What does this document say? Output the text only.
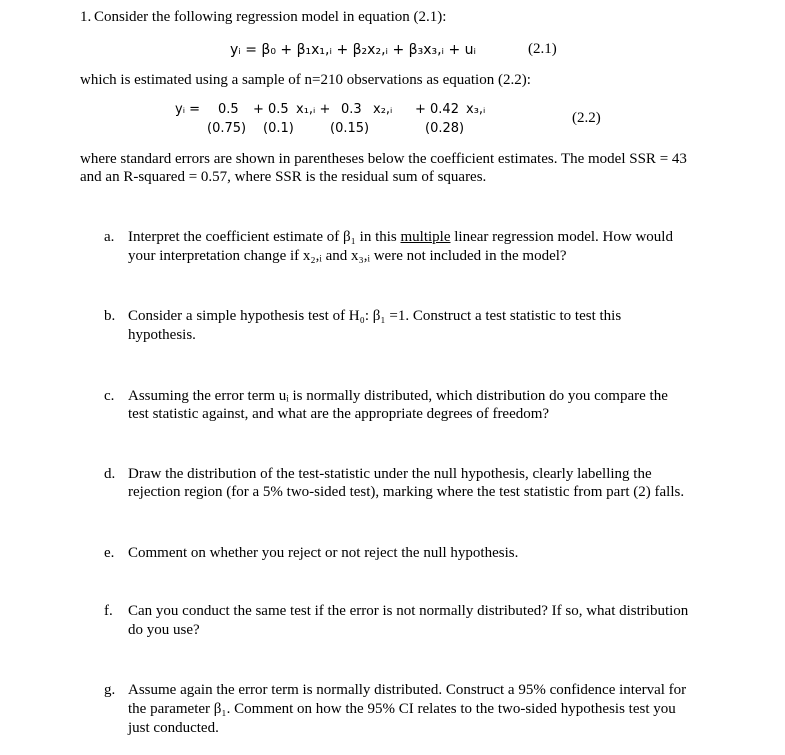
1. Consider the following regression model in equation (2.1):
yᵢ = β₀ + β₁x₁,ᵢ + β₂x₂,ᵢ + β₃x₃,ᵢ + uᵢ	(2.1)
which is estimated using a sample of n=210 observations as equation (2.2):
yᵢ = 0.5 + 0.5 x₁,ᵢ + 0.3 x₂,ᵢ + 0.42 x₃,ᵢ
(0.75) (0.1)	(0.15)	(0.28)
(2.2)
where standard errors are shown in parentheses below the coefficient estimates. The model SSR = 43
and an R-squared = 0.57, where SSR is the residual sum of squares.
a. Interpret the coefficient estimate of β₁ in this multiple linear regression model. How would
your interpretation change if x₂,ᵢ and x₃,ᵢ were not included in the model?
b. Consider a simple hypothesis test of H₀: β₁ =1. Construct a test statistic to test this
hypothesis.
c. Assuming the error term uᵢ is normally distributed, which distribution do you compare the
test statistic against, and what are the appropriate degrees of freedom?
d. Draw the distribution of the test-statistic under the null hypothesis, clearly labelling the
rejection region (for a 5% two-sided test), marking where the test statistic from part (2) falls.
e. Comment on whether you reject or not reject the null hypothesis.
f. Can you conduct the same test if the error is not normally distributed? If so, what distribution
do you use?
g. Assume again the error term is normally distributed. Construct a 95% confidence interval for
the parameter β₁. Comment on how the 95% CI relates to the two-sided hypothesis test you
just conducted.
